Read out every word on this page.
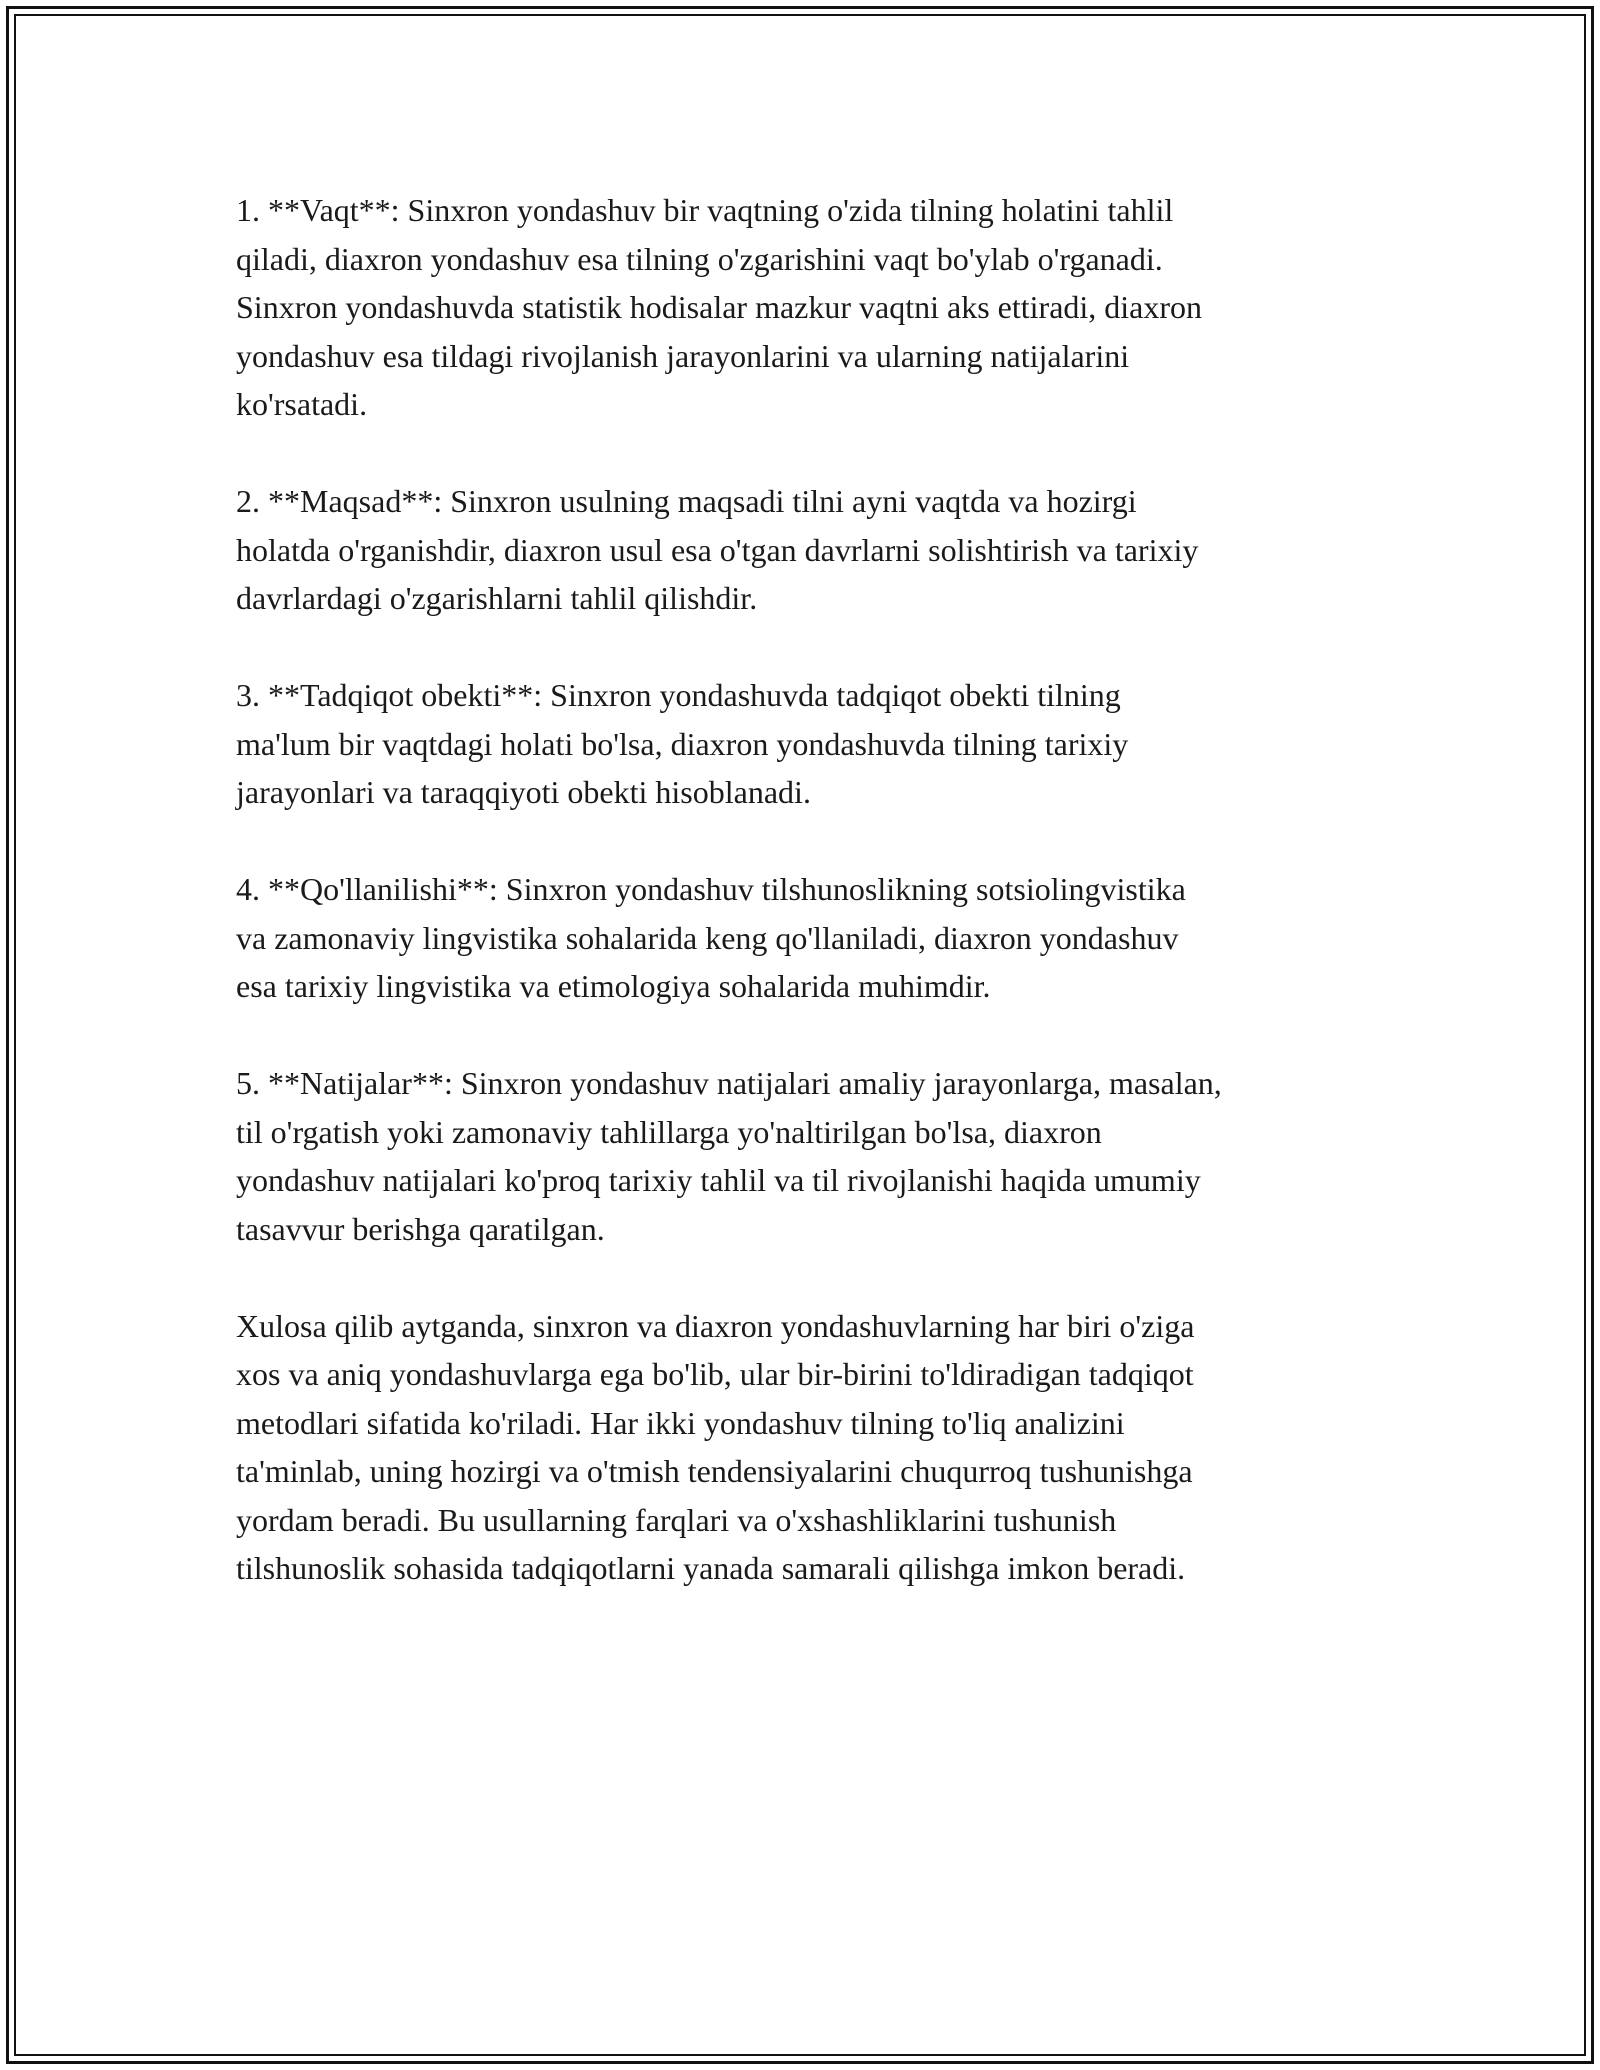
1. **Vaqt**: Sinxron yondashuv bir vaqtning o'zida tilning holatini tahlil
qiladi, diaxron yondashuv esa tilning o'zgarishini vaqt bo'ylab o'rganadi.
Sinxron yondashuvda statistik hodisalar mazkur vaqtni aks ettiradi, diaxron
yondashuv esa tildagi rivojlanish jarayonlarini va ularning natijalarini
ko'rsatadi.

2. **Maqsad**: Sinxron usulning maqsadi tilni ayni vaqtda va hozirgi
holatda o'rganishdir, diaxron usul esa o'tgan davrlarni solishtirish va tarixiy
davrlardagi o'zgarishlarni tahlil qilishdir.

3. **Tadqiqot obekti**: Sinxron yondashuvda tadqiqot obekti tilning
ma'lum bir vaqtdagi holati bo'lsa, diaxron yondashuvda tilning tarixiy
jarayonlari va taraqqiyoti obekti hisoblanadi.

4. **Qo'llanilishi**: Sinxron yondashuv tilshunoslikning sotsiolingvistika
va zamonaviy lingvistika sohalarida keng qo'llaniladi, diaxron yondashuv
esa tarixiy lingvistika va etimologiya sohalarida muhimdir.

5. **Natijalar**: Sinxron yondashuv natijalari amaliy jarayonlarga, masalan,
til o'rgatish yoki zamonaviy tahlillarga yo'naltirilgan bo'lsa, diaxron
yondashuv natijalari ko'proq tarixiy tahlil va til rivojlanishi haqida umumiy
tasavvur berishga qaratilgan.

Xulosa qilib aytganda, sinxron va diaxron yondashuvlarning har biri o'ziga
xos va aniq yondashuvlarga ega bo'lib, ular bir-birini to'ldiradigan tadqiqot
metodlari sifatida ko'riladi. Har ikki yondashuv tilning to'liq analizini
ta'minlab, uning hozirgi va o'tmish tendensiyalarini chuqurroq tushunishga
yordam beradi. Bu usullarning farqlari va o'xshashliklarini tushunish
tilshunoslik sohasida tadqiqotlarni yanada samarali qilishga imkon beradi.
